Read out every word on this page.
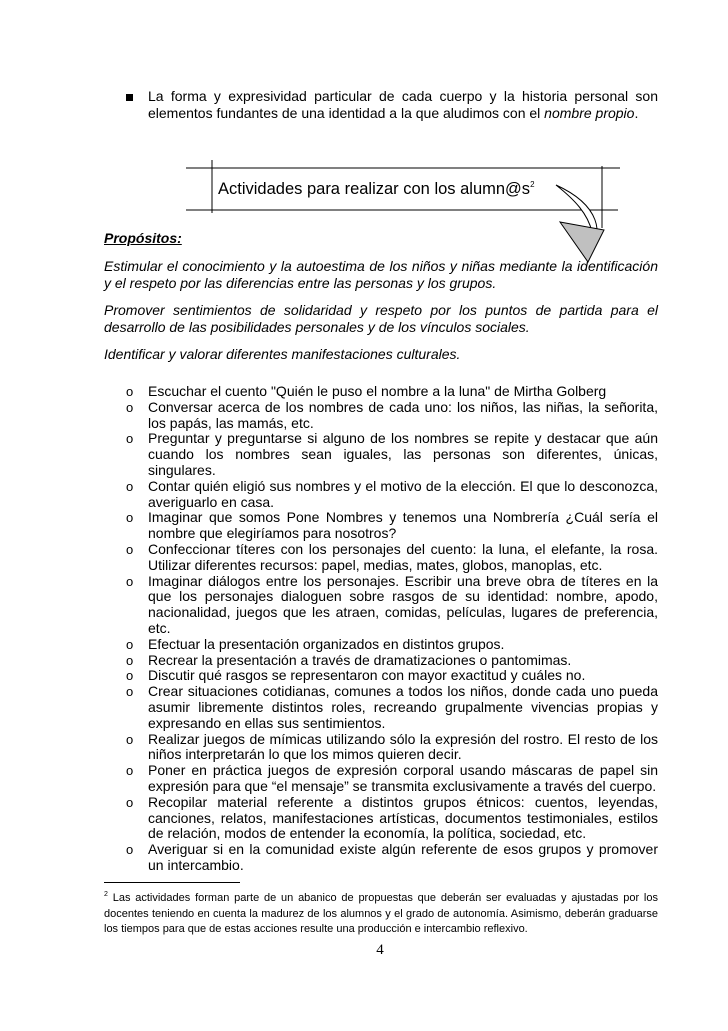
La forma y expresividad particular de cada cuerpo y la historia personal son elementos fundantes de una identidad a la que aludimos con el nombre propio.
Actividades para realizar con los $alumn@s^2$
Propósitos:
Estimular el conocimiento y la autoestima de los niños y niñas mediante la identificación y el respeto por las diferencias entre las personas y los grupos.
Promover sentimientos de solidaridad y respeto por los puntos de partida para el desarrollo de las posibilidades personales y de los vínculos sociales.
Identificar y valorar diferentes manifestaciones culturales.
o Escuchar el cuento "Quién le puso el nombre a la luna" de Mirtha Golberg
o Conversar acerca de los nombres de cada uno: los niños, las niñas, la señorita, los papás, las mamás, etc.
o Preguntar y preguntarse si alguno de los nombres se repite y destacar que aún cuando los nombres sean iguales, las personas son diferentes, únicas, singulares.
o Contar quién eligió sus nombres y el motivo de la elección. El que lo desconozca, averiguarlo en casa.
o Imaginar que somos Pone Nombres y tenemos una Nombrería ¿Cuál sería el nombre que elegiríamos para nosotros?
o Confeccionar títeres con los personajes del cuento: la luna, el elefante, la rosa. Utilizar diferentes recursos: papel, medias, mates, globos, manoplas, etc.
o Imaginar diálogos entre los personajes. Escribir una breve obra de títeres en la que los personajes dialoguen sobre rasgos de su identidad: nombre, apodo, nacionalidad, juegos que les atraen, comidas, películas, lugares de preferencia, etc.
o Efectuar la presentación organizados en distintos grupos.
o Recrear la presentación a través de dramatizaciones o pantomimas.
o Discutir qué rasgos se representaron con mayor exactitud y cuáles no.
o Crear situaciones cotidianas, comunes a todos los niños, donde cada uno pueda asumir libremente distintos roles, recreando grupalmente vivencias propias y expresando en ellas sus sentimientos.
o Realizar juegos de mímicas utilizando sólo la expresión del rostro. El resto de los niños interpretarán lo que los mimos quieren decir.
o Poner en práctica juegos de expresión corporal usando máscaras de papel sin expresión para que “el mensaje” se transmita exclusivamente a través del cuerpo.
o Recopilar material referente a distintos grupos étnicos: cuentos, leyendas, canciones, relatos, manifestaciones artísticas, documentos testimoniales, estilos de relación, modos de entender la economía, la política, sociedad, etc.
o Averiguar si en la comunidad existe algún referente de esos grupos y promover un intercambio.
$^2$ Las actividades forman parte de un abanico de propuestas que deberán ser evaluadas y ajustadas por los docentes teniendo en cuenta la madurez de los alumnos y el grado de autonomía. Asimismo, deberán graduarse los tiempos para que de estas acciones resulte una producción e intercambio reflexivo.
4
